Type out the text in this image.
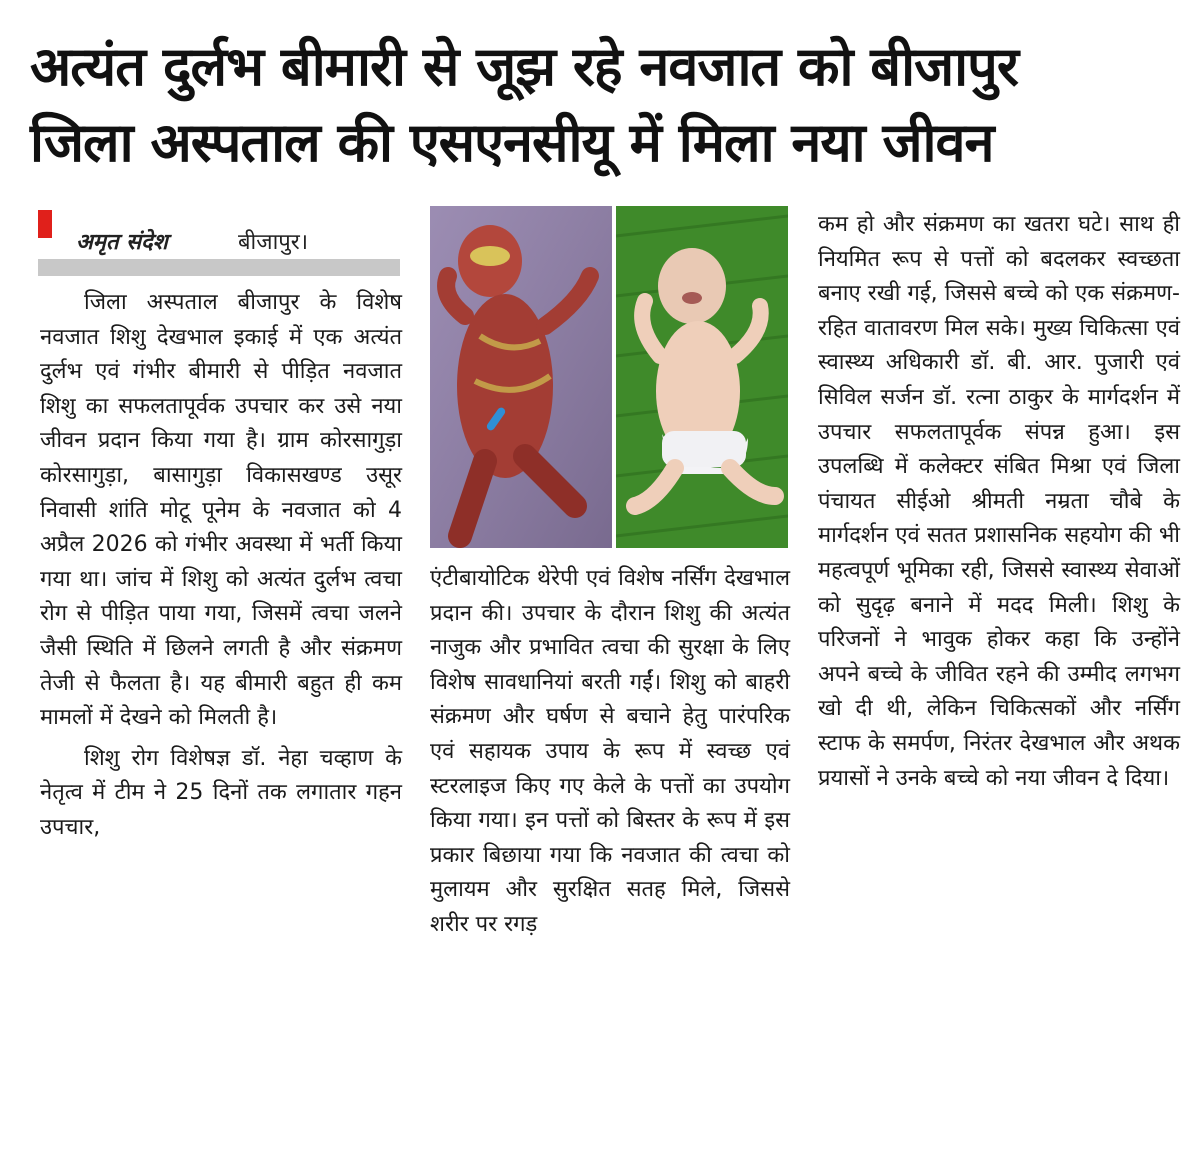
अत्यंत दुर्लभ बीमारी से जूझ रहे नवजात को बीजापुर
जिला अस्पताल की एसएनसीयू में मिला नया जीवन
अमृत संदेश	बीजापुर।

जिला अस्पताल बीजापुर के विशेष नवजात शिशु देखभाल इकाई में एक अत्यंत दुर्लभ एवं गंभीर बीमारी से पीड़ित नवजात शिशु का सफलतापूर्वक उपचार कर उसे नया जीवन प्रदान किया गया है। ग्राम कोरसागुड़ा कोरसागुड़ा, बासागुड़ा विकासखण्ड उसूर निवासी शांति मोटू पूनेम के नवजात को 4 अप्रैल 2026 को गंभीर अवस्था में भर्ती किया गया था। जांच में शिशु को अत्यंत दुर्लभ त्वचा रोग से पीड़ित पाया गया, जिसमें त्वचा जलने जैसी स्थिति में छिलने लगती है और संक्रमण तेजी से फैलता है। यह बीमारी बहुत ही कम मामलों में देखने को मिलती है।

शिशु रोग विशेषज्ञ डॉ. नेहा चव्हाण के नेतृत्व में टीम ने 25 दिनों तक लगातार गहन उपचार,

एंटीबायोटिक थेरेपी एवं विशेष नर्सिंग देखभाल प्रदान की। उपचार के दौरान शिशु की अत्यंत नाजुक और प्रभावित त्वचा की सुरक्षा के लिए विशेष सावधानियां बरती गईं। शिशु को बाहरी संक्रमण और घर्षण से बचाने हेतु पारंपरिक एवं सहायक उपाय के रूप में स्वच्छ एवं स्टरलाइज किए गए केले के पत्तों का उपयोग किया गया। इन पत्तों को बिस्तर के रूप में इस प्रकार बिछाया गया कि नवजात की त्वचा को मुलायम और सुरक्षित सतह मिले, जिससे शरीर पर रगड़

कम हो और संक्रमण का खतरा घटे। साथ ही नियमित रूप से पत्तों को बदलकर स्वच्छता बनाए रखी गई, जिससे बच्चे को एक संक्रमण-रहित वातावरण मिल सके। मुख्य चिकित्सा एवं स्वास्थ्य अधिकारी डॉ. बी. आर. पुजारी एवं सिविल सर्जन डॉ. रत्ना ठाकुर के मार्गदर्शन में उपचार सफलतापूर्वक संपन्न हुआ। इस उपलब्धि में कलेक्टर संबित मिश्रा एवं जिला पंचायत सीईओ श्रीमती नम्रता चौबे के मार्गदर्शन एवं सतत प्रशासनिक सहयोग की भी महत्वपूर्ण भूमिका रही, जिससे स्वास्थ्य सेवाओं को सुदृढ़ बनाने में मदद मिली। शिशु के परिजनों ने भावुक होकर कहा कि उन्होंने अपने बच्चे के जीवित रहने की उम्मीद लगभग खो दी थी, लेकिन चिकित्सकों और नर्सिंग स्टाफ के समर्पण, निरंतर देखभाल और अथक प्रयासों ने उनके बच्चे को नया जीवन दे दिया।
